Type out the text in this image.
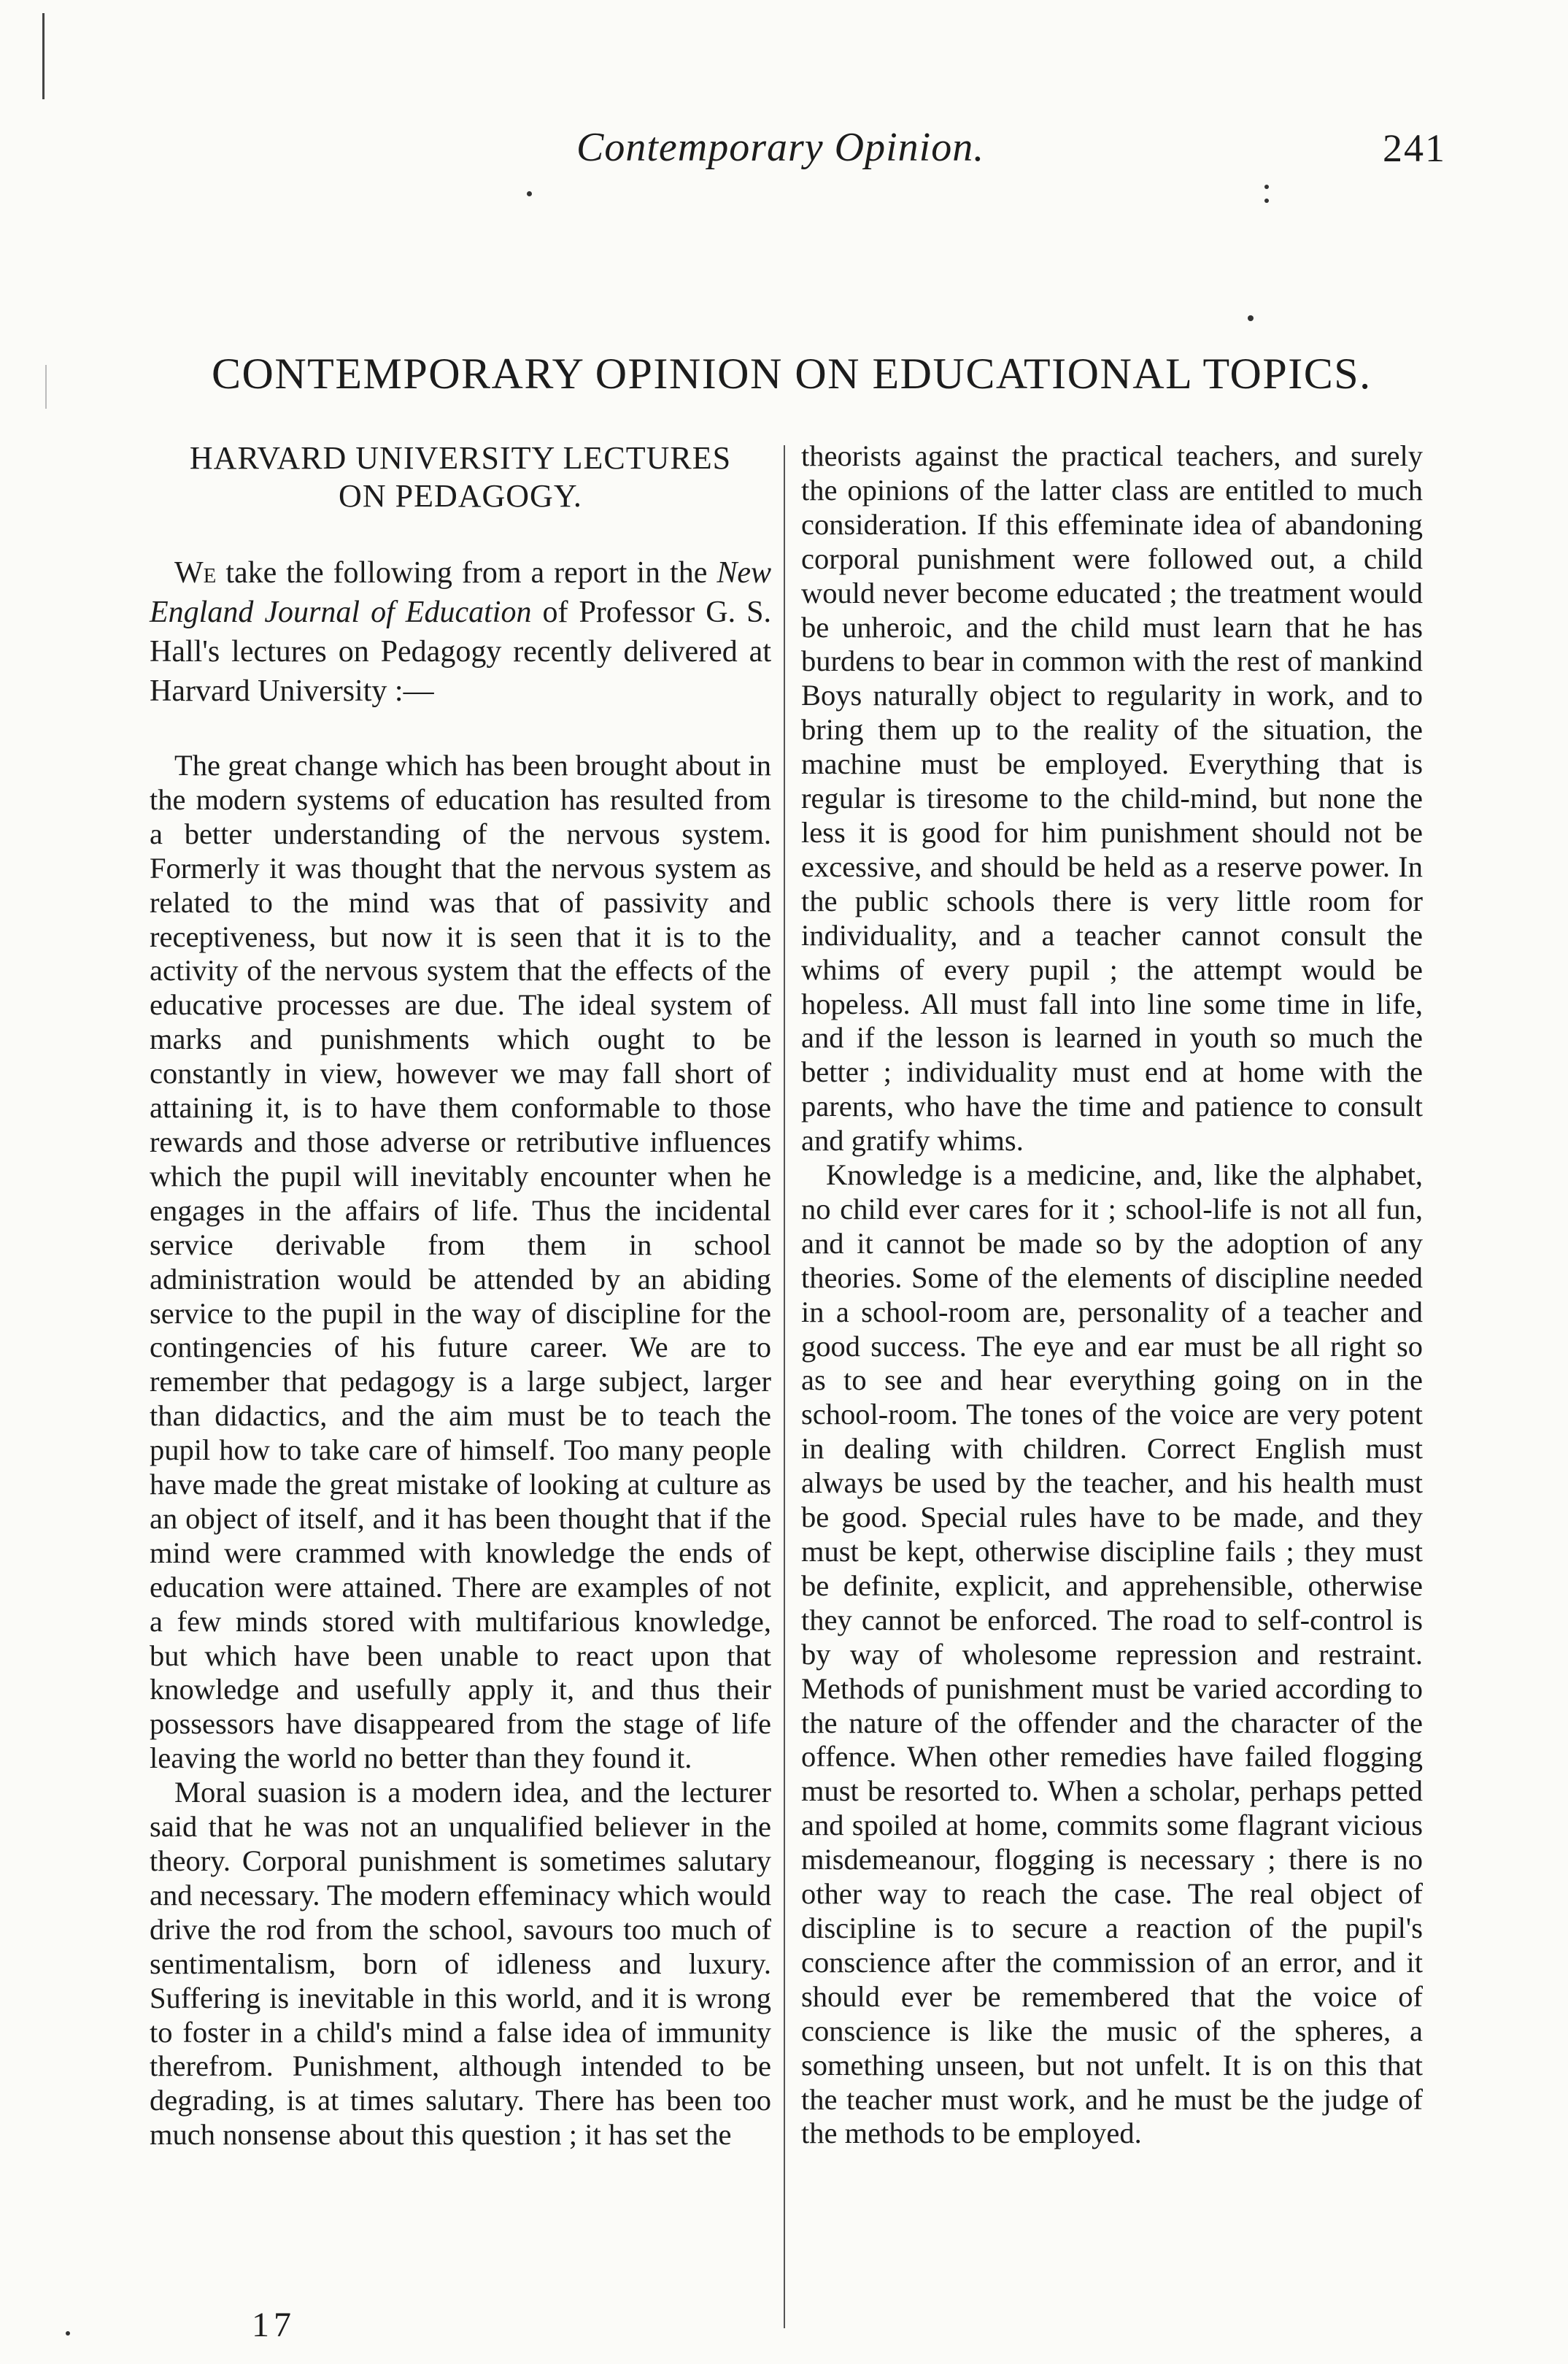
Contemporary Opinion.	241
CONTEMPORARY OPINION ON EDUCATIONAL TOPICS.
HARVARD UNIVERSITY LECTURES
ON PEDAGOGY.

We take the following from a report in the New England Journal of Education of Professor G. S. Hall's lectures on Pedagogy recently delivered at Harvard University :—

The great change which has been brought about in the modern systems of education has resulted from a better understanding of the nervous system. Formerly it was thought that the nervous system as related to the mind was that of passivity and receptiveness, but now it is seen that it is to the activity of the nervous system that the effects of the educative processes are due. The ideal system of marks and punishments which ought to be constantly in view, however we may fall short of attaining it, is to have them conformable to those rewards and those adverse or retributive influences which the pupil will inevitably encounter when he engages in the affairs of life. Thus the incidental service derivable from them in school administration would be attended by an abiding service to the pupil in the way of discipline for the contingencies of his future career. We are to remember that pedagogy is a large subject, larger than didactics, and the aim must be to teach the pupil how to take care of himself. Too many people have made the great mistake of looking at culture as an object of itself, and it has been thought that if the mind were crammed with knowledge the ends of education were attained. There are examples of not a few minds stored with multifarious knowledge, but which have been unable to react upon that knowledge and usefully apply it, and thus their possessors have disappeared from the stage of life leaving the world no better than they found it.

Moral suasion is a modern idea, and the lecturer said that he was not an unqualified believer in the theory. Corporal punishment is sometimes salutary and necessary. The modern effeminacy which would drive the rod from the school, savours too much of sentimentalism, born of idleness and luxury. Suffering is inevitable in this world, and it is wrong to foster in a child's mind a false idea of immunity therefrom. Punishment, although intended to be degrading, is at times salutary. There has been too much nonsense about this question ; it has set the

theorists against the practical teachers, and surely the opinions of the latter class are entitled to much consideration. If this effeminate idea of abandoning corporal punishment were followed out, a child would never become educated ; the treatment would be unheroic, and the child must learn that he has burdens to bear in common with the rest of mankind Boys naturally object to regularity in work, and to bring them up to the reality of the situation, the machine must be employed. Everything that is regular is tiresome to the child-mind, but none the less it is good for him punishment should not be excessive, and should be held as a reserve power. In the public schools there is very little room for individuality, and a teacher cannot consult the whims of every pupil ; the attempt would be hopeless. All must fall into line some time in life, and if the lesson is learned in youth so much the better ; individuality must end at home with the parents, who have the time and patience to consult and gratify whims.

Knowledge is a medicine, and, like the alphabet, no child ever cares for it ; school-life is not all fun, and it cannot be made so by the adoption of any theories. Some of the elements of discipline needed in a school-room are, personality of a teacher and good success. The eye and ear must be all right so as to see and hear everything going on in the school-room. The tones of the voice are very potent in dealing with children. Correct English must always be used by the teacher, and his health must be good. Special rules have to be made, and they must be kept, otherwise discipline fails ; they must be definite, explicit, and apprehensible, otherwise they cannot be enforced. The road to self-control is by way of wholesome repression and restraint. Methods of punishment must be varied according to the nature of the offender and the character of the offence. When other remedies have failed flogging must be resorted to. When a scholar, perhaps petted and spoiled at home, commits some flagrant vicious misdemeanour, flogging is necessary ; there is no other way to reach the case. The real object of discipline is to secure a reaction of the pupil's conscience after the commission of an error, and it should ever be remembered that the voice of conscience is like the music of the spheres, a something unseen, but not unfelt. It is on this that the teacher must work, and he must be the judge of the methods to be employed.

17
